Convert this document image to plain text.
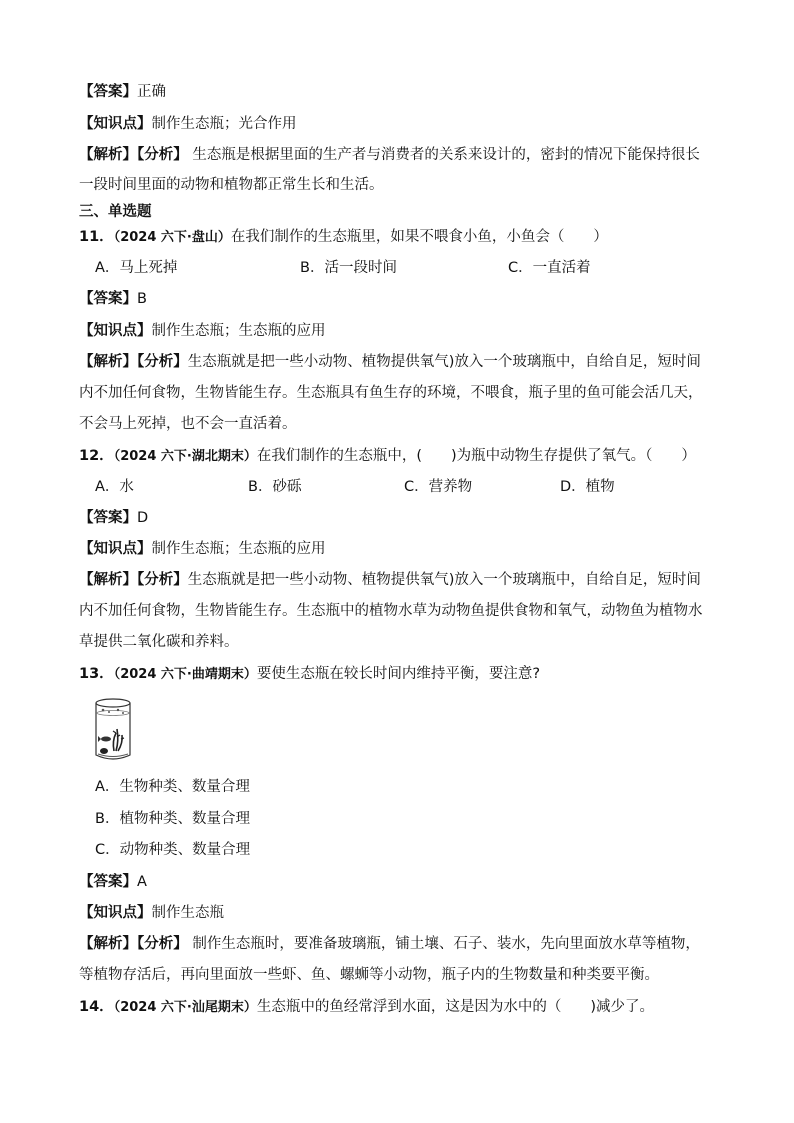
【答案】正确
【知识点】制作生态瓶；光合作用
【解析】【分析】 生态瓶是根据里面的生产者与消费者的关系来设计的，密封的情况下能保持很长
一段时间里面的动物和植物都正常生长和生活。
三、单选题
11．（2024 六下·盘山）在我们制作的生态瓶里，如果不喂食小鱼，小鱼会（　　）
A．马上死掉	B．活一段时间	C．一直活着
【答案】B
【知识点】制作生态瓶；生态瓶的应用
【解析】【分析】生态瓶就是把一些小动物、植物提供氧气)放入一个玻璃瓶中，自给自足，短时间
内不加任何食物，生物皆能生存。生态瓶具有鱼生存的环境，不喂食，瓶子里的鱼可能会活几天，
不会马上死掉，也不会一直活着。
12．（2024 六下·湖北期末）在我们制作的生态瓶中，(　　)为瓶中动物生存提供了氧气。（　　）
A．水	B．砂砾	C．营养物	D．植物
【答案】D
【知识点】制作生态瓶；生态瓶的应用
【解析】【分析】生态瓶就是把一些小动物、植物提供氧气)放入一个玻璃瓶中，自给自足，短时间
内不加任何食物，生物皆能生存。生态瓶中的植物水草为动物鱼提供食物和氧气，动物鱼为植物水
草提供二氧化碳和养料。
13．（2024 六下·曲靖期末）要使生态瓶在较长时间内维持平衡，要注意?
A．生物种类、数量合理
B．植物种类、数量合理
C．动物种类、数量合理
【答案】A
【知识点】制作生态瓶
【解析】【分析】 制作生态瓶时，要准备玻璃瓶，铺土壤、石子、装水，先向里面放水草等植物，
等植物存活后，再向里面放一些虾、鱼、螺蛳等小动物，瓶子内的生物数量和种类要平衡。
14．（2024 六下·汕尾期末）生态瓶中的鱼经常浮到水面，这是因为水中的（　　)减少了。
